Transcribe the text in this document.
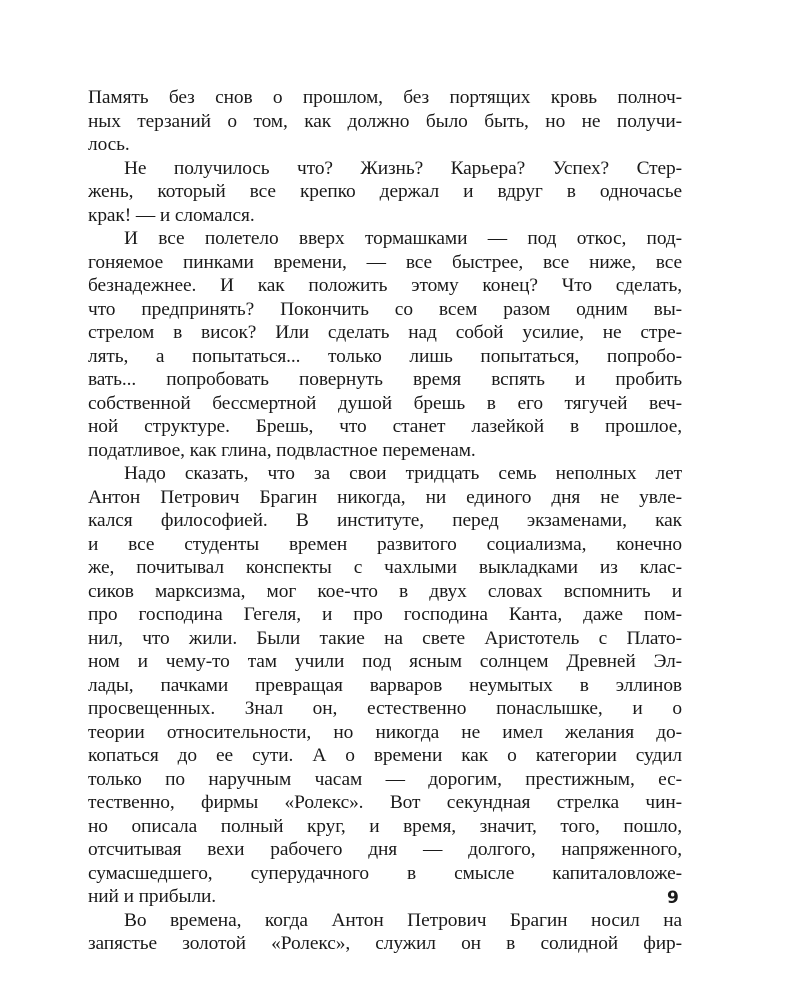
Память без снов о прошлом, без портящих кровь полноч-
ных терзаний о том, как должно было быть, но не получи-
лось.
Не получилось что? Жизнь? Карьера? Успех? Стер-
жень, который все крепко держал и вдруг в одночасье
крак! — и сломался.
И все полетело вверх тормашками — под откос, под-
гоняемое пинками времени, — все быстрее, все ниже, все
безнадежнее. И как положить этому конец? Что сделать,
что предпринять? Покончить со всем разом одним вы-
стрелом в висок? Или сделать над собой усилие, не стре-
лять, а попытаться... только лишь попытаться, попробо-
вать... попробовать повернуть время вспять и пробить
собственной бессмертной душой брешь в его тягучей веч-
ной структуре. Брешь, что станет лазейкой в прошлое,
податливое, как глина, подвластное переменам.
Надо сказать, что за свои тридцать семь неполных лет
Антон Петрович Брагин никогда, ни единого дня не увле-
кался философией. В институте, перед экзаменами, как
и все студенты времен развитого социализма, конечно
же, почитывал конспекты с чахлыми выкладками из клас-
сиков марксизма, мог кое-что в двух словах вспомнить и
про господина Гегеля, и про господина Канта, даже пом-
нил, что жили. Были такие на свете Аристотель с Плато-
ном и чему-то там учили под ясным солнцем Древней Эл-
лады, пачками превращая варваров неумытых в эллинов
просвещенных. Знал он, естественно понаслышке, и о
теории относительности, но никогда не имел желания до-
копаться до ее сути. А о времени как о категории судил
только по наручным часам — дорогим, престижным, ес-
тественно, фирмы «Ролекс». Вот секундная стрелка чин-
но описала полный круг, и время, значит, того, пошло,
отсчитывая вехи рабочего дня — долгого, напряженного,
сумасшедшего, суперудачного в смысле капиталовложе-
ний и прибыли.
Во времена, когда Антон Петрович Брагин носил на
запястье золотой «Ролекс», служил он в солидной фир-
9
